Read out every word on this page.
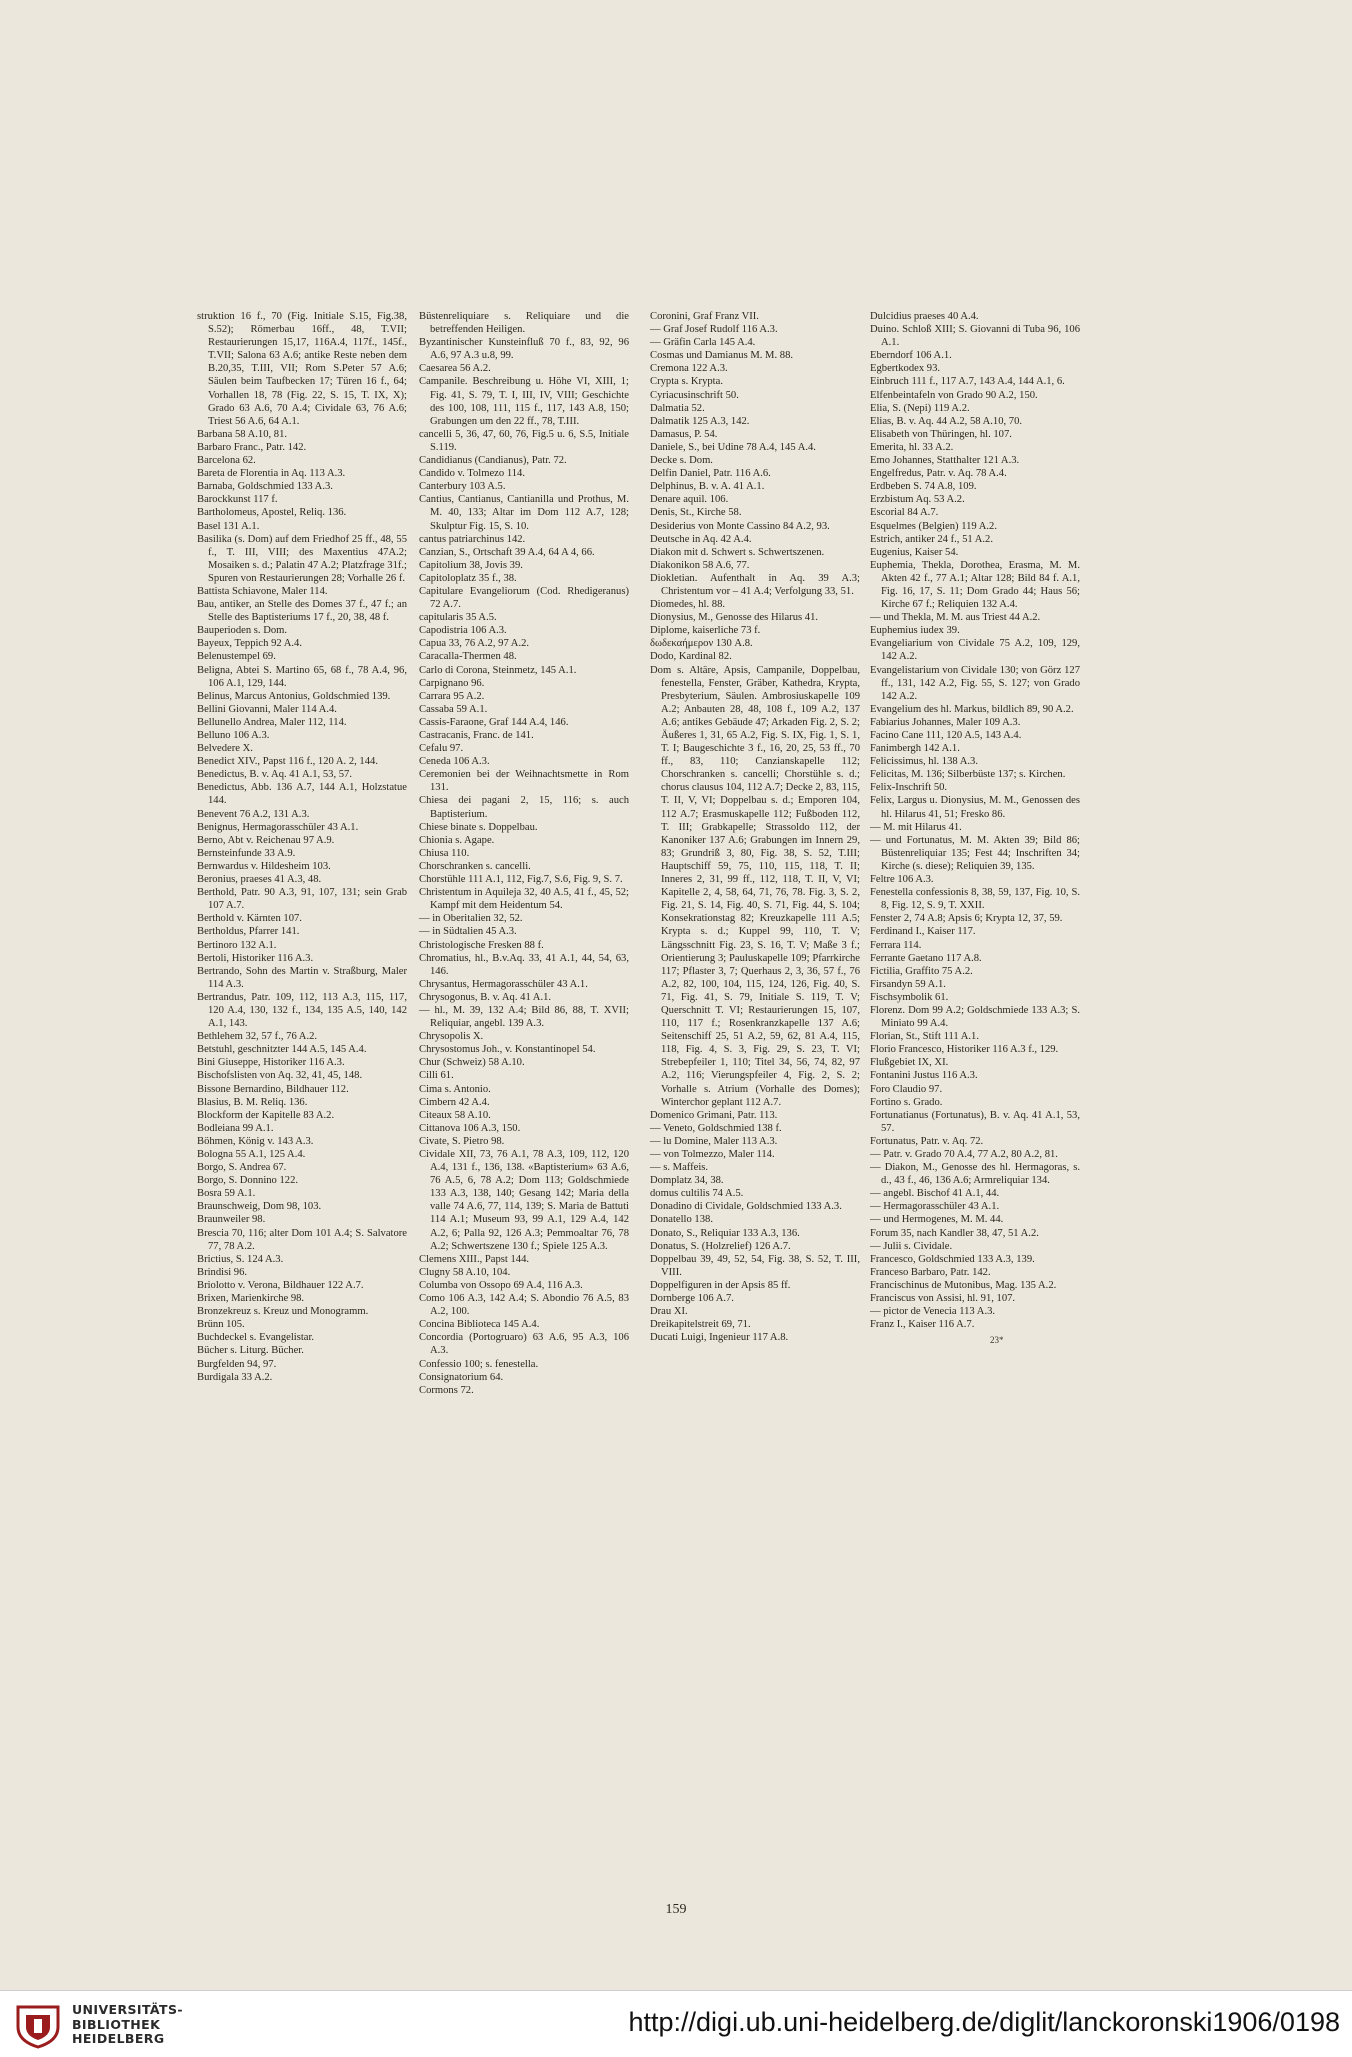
struktion 16 f., 70 (Fig. Initiale S.15, Fig.38, S.52); Römerbau 16ff., 48, T.VII; Restaurierungen 15,17, 116A.4, 117f., 145f., T.VII; Salona 63 A.6; antike Reste neben dem B.20,35, T.III, VII; Rom S.Peter 57 A.6; Säulen beim Taufbecken 17; Türen 16 f., 64; Vorhallen 18, 78 (Fig. 22, S. 15, T. IX, X); Grado 63 A.6, 70 A.4; Cividale 63, 76 A.6; Triest 56 A.6, 64 A.1.

Barbana 58 A.10, 81.

Barbaro Franc., Patr. 142.

Barcelona 62.

Bareta de Florentia in Aq. 113 A.3.

Barnaba, Goldschmied 133 A.3.

Barockkunst 117 f.

Bartholomeus, Apostel, Reliq. 136.

Basel 131 A.1.

Basilika (s. Dom) auf dem Friedhof 25 ff., 48, 55 f., T. III, VIII; des Maxentius 47A.2; Mosaiken s. d.; Palatin 47 A.2; Platzfrage 31f.; Spuren von Restaurierungen 28; Vorhalle 26 f.

Battista Schiavone, Maler 114.

Bau, antiker, an Stelle des Domes 37 f., 47 f.; an Stelle des Baptisteriums 17 f., 20, 38, 48 f.

Bauperioden s. Dom.

Bayeux, Teppich 92 A.4.

Belenustempel 69.

Beligna, Abtei S. Martino 65, 68 f., 78 A.4, 96, 106 A.1, 129, 144.

Belinus, Marcus Antonius, Goldschmied 139.

Bellini Giovanni, Maler 114 A.4.

Bellunello Andrea, Maler 112, 114.

Belluno 106 A.3.

Belvedere X.

Benedict XIV., Papst 116 f., 120 A. 2, 144.

Benedictus, B. v. Aq. 41 A.1, 53, 57.

Benedictus, Abb. 136 A.7, 144 A.1, Holzstatue 144.

Benevent 76 A.2, 131 A.3.

Benignus, Hermagorasschüler 43 A.1.

Berno, Abt v. Reichenau 97 A.9.

Bernsteinfunde 33 A.9.

Bernwardus v. Hildesheim 103.

Beronius, praeses 41 A.3, 48.

Berthold, Patr. 90 A.3, 91, 107, 131; sein Grab 107 A.7.

Berthold v. Kärnten 107.

Bertholdus, Pfarrer 141.

Bertinoro 132 A.1.

Bertoli, Historiker 116 A.3.

Bertrando, Sohn des Martin v. Straßburg, Maler 114 A.3.

Bertrandus, Patr. 109, 112, 113 A.3, 115, 117, 120 A.4, 130, 132 f., 134, 135 A.5, 140, 142 A.1, 143.

Bethlehem 32, 57 f., 76 A.2.

Betstuhl, geschnitzter 144 A.5, 145 A.4.

Bini Giuseppe, Historiker 116 A.3.

Bischofslisten von Aq. 32, 41, 45, 148.

Bissone Bernardino, Bildhauer 112.

Blasius, B. M. Reliq. 136.

Blockform der Kapitelle 83 A.2.

Bodleiana 99 A.1.

Böhmen, König v. 143 A.3.

Bologna 55 A.1, 125 A.4.

Borgo, S. Andrea 67.

Borgo, S. Donnino 122.

Bosra 59 A.1.

Braunschweig, Dom 98, 103.

Braunweiler 98.

Brescia 70, 116; alter Dom 101 A.4; S. Salvatore 77, 78 A.2.

Brictius, S. 124 A.3.

Brindisi 96.

Briolotto v. Verona, Bildhauer 122 A.7.

Brixen, Marienkirche 98.

Bronzekreuz s. Kreuz und Monogramm.

Brünn 105.

Buchdeckel s. Evangelistar.

Bücher s. Liturg. Bücher.

Burgfelden 94, 97.

Burdigala 33 A.2.

Büstenreliquiare s. Reliquiare und die betreffenden Heiligen.

Byzantinischer Kunsteinfluß 70 f., 83, 92, 96 A.6, 97 A.3 u.8, 99.

Caesarea 56 A.2.

Campanile. Beschreibung u. Höhe VI, XIII, 1; Fig. 41, S. 79, T. I, III, IV, VIII; Geschichte des 100, 108, 111, 115 f., 117, 143 A.8, 150; Grabungen um den 22 ff., 78, T.III.

cancelli 5, 36, 47, 60, 76, Fig.5 u. 6, S.5, Initiale S.119.

Candidianus (Candianus), Patr. 72.

Candido v. Tolmezo 114.

Canterbury 103 A.5.

Cantius, Cantianus, Cantianilla und Prothus, M. M. 40, 133; Altar im Dom 112 A.7, 128; Skulptur Fig. 15, S. 10.

cantus patriarchinus 142.

Canzian, S., Ortschaft 39 A.4, 64 A 4, 66.

Capitolium 38, Jovis 39.

Capitoloplatz 35 f., 38.

Capitulare Evangeliorum (Cod. Rhedigeranus) 72 A.7.

capitularis 35 A.5.

Capodistria 106 A.3.

Capua 33, 76 A.2, 97 A.2.

Caracalla-Thermen 48.

Carlo di Corona, Steinmetz, 145 A.1.

Carpignano 96.

Carrara 95 A.2.

Cassaba 59 A.1.

Cassis-Faraone, Graf 144 A.4, 146.

Castracanis, Franc. de 141.

Cefalu 97.

Ceneda 106 A.3.

Ceremonien bei der Weihnachtsmette in Rom 131.

Chiesa dei pagani 2, 15, 116; s. auch Baptisterium.

Chiese binate s. Doppelbau.

Chionia s. Agape.

Chiusa 110.

Chorschranken s. cancelli.

Chorstühle 111 A.1, 112, Fig.7, S.6, Fig. 9, S. 7.

Christentum in Aquileja 32, 40 A.5, 41 f., 45, 52; Kampf mit dem Heidentum 54.

— in Oberitalien 32, 52.

— in Südtalien 45 A.3.

Christologische Fresken 88 f.

Chromatius, hl., B.v.Aq. 33, 41 A.1, 44, 54, 63, 146.

Chrysantus, Hermagorasschüler 43 A.1.

Chrysogonus, B. v. Aq. 41 A.1.

— hl., M. 39, 132 A.4; Bild 86, 88, T. XVII; Reliquiar, angebl. 139 A.3.

Chrysopolis X.

Chrysostomus Joh., v. Konstantinopel 54.

Chur (Schweiz) 58 A.10.

Cilli 61.

Cima s. Antonio.

Cimbern 42 A.4.

Citeaux 58 A.10.

Cittanova 106 A.3, 150.

Civate, S. Pietro 98.

Cividale XII, 73, 76 A.1, 78 A.3, 109, 112, 120 A.4, 131 f., 136, 138. «Baptisterium» 63 A.6, 76 A.5, 6, 78 A.2; Dom 113; Goldschmiede 133 A.3, 138, 140; Gesang 142; Maria della valle 74 A.6, 77, 114, 139; S. Maria de Battuti 114 A.1; Museum 93, 99 A.1, 129 A.4, 142 A.2, 6; Palla 92, 126 A.3; Pemmoaltar 76, 78 A.2; Schwertszene 130 f.; Spiele 125 A.3.

Clemens XIII., Papst 144.

Clugny 58 A.10, 104.

Columba von Ossopo 69 A.4, 116 A.3.

Como 106 A.3, 142 A.4; S. Abondio 76 A.5, 83 A.2, 100.

Concina Biblioteca 145 A.4.

Concordia (Portogruaro) 63 A.6, 95 A.3, 106 A.3.

Confessio 100; s. fenestella.

Consignatorium 64.

Cormons 72.

Coronini, Graf Franz VII.

— Graf Josef Rudolf 116 A.3.

— Gräfin Carla 145 A.4.

Cosmas und Damianus M. M. 88.

Cremona 122 A.3.

Crypta s. Krypta.

Cyriacusinschrift 50.

Dalmatia 52.

Dalmatik 125 A.3, 142.

Damasus, P. 54.

Daniele, S., bei Udine 78 A.4, 145 A.4.

Decke s. Dom.

Delfin Daniel, Patr. 116 A.6.

Delphinus, B. v. A. 41 A.1.

Denare aquil. 106.

Denis, St., Kirche 58.

Desiderius von Monte Cassino 84 A.2, 93.

Deutsche in Aq. 42 A.4.

Diakon mit d. Schwert s. Schwertszenen.

Diakonikon 58 A.6, 77.

Diokletian. Aufenthalt in Aq. 39 A.3; Christentum vor – 41 A.4; Verfolgung 33, 51.

Diomedes, hl. 88.

Dionysius, M., Genosse des Hilarus 41.

Diplome, kaiserliche 73 f.

δωδεκαήμερον 130 A.8.

Dodo, Kardinal 82.

Dom s. Altäre, Apsis, Campanile, Doppelbau, fenestella, Fenster, Gräber, Kathedra, Krypta, Presbyterium, Säulen. Ambrosiuskapelle 109 A.2; Anbauten 28, 48, 108 f., 109 A.2, 137 A.6; antikes Gebäude 47; Arkaden Fig. 2, S. 2; Äußeres 1, 31, 65 A.2, Fig. S. IX, Fig. 1, S. 1, T. I; Baugeschichte 3 f., 16, 20, 25, 53 ff., 70 ff., 83, 110; Canzianskapelle 112; Chorschranken s. cancelli; Chorstühle s. d.; chorus clausus 104, 112 A.7; Decke 2, 83, 115, T. II, V, VI; Doppelbau s. d.; Emporen 104, 112 A.7; Erasmuskapelle 112; Fußboden 112, T. III; Grabkapelle; Strassoldo 112, der Kanoniker 137 A.6; Grabungen im Innern 29, 83; Grundriß 3, 80, Fig. 38, S. 52, T.III; Hauptschiff 59, 75, 110, 115, 118, T. II; Inneres 2, 31, 99 ff., 112, 118, T. II, V, VI; Kapitelle 2, 4, 58, 64, 71, 76, 78. Fig. 3, S. 2, Fig. 21, S. 14, Fig. 40, S. 71, Fig. 44, S. 104; Konsekrationstag 82; Kreuzkapelle 111 A.5; Krypta s. d.; Kuppel 99, 110, T. V; Längsschnitt Fig. 23, S. 16, T. V; Maße 3 f.; Orientierung 3; Pauluskapelle 109; Pfarrkirche 117; Pflaster 3, 7; Querhaus 2, 3, 36, 57 f., 76 A.2, 82, 100, 104, 115, 124, 126, Fig. 40, S. 71, Fig. 41, S. 79, Initiale S. 119, T. V; Querschnitt T. VI; Restaurierungen 15, 107, 110, 117 f.; Rosenkranzkapelle 137 A.6; Seitenschiff 25, 51 A.2, 59, 62, 81 A.4, 115, 118, Fig. 4, S. 3, Fig. 29, S. 23, T. VI; Strebepfeiler 1, 110; Titel 34, 56, 74, 82, 97 A.2, 116; Vierungspfeiler 4, Fig. 2, S. 2; Vorhalle s. Atrium (Vorhalle des Domes); Winterchor geplant 112 A.7.

Domenico Grimani, Patr. 113.

— Veneto, Goldschmied 138 f.

— lu Domine, Maler 113 A.3.

— von Tolmezzo, Maler 114.

— s. Maffeis.

Domplatz 34, 38.

domus cultilis 74 A.5.

Donadino di Cividale, Goldschmied 133 A.3.

Donatello 138.

Donato, S., Reliquiar 133 A.3, 136.

Donatus, S. (Holzrelief) 126 A.7.

Doppelbau 39, 49, 52, 54, Fig. 38, S. 52, T. III, VIII.

Doppelfiguren in der Apsis 85 ff.

Dornberge 106 A.7.

Drau XI.

Dreikapitelstreit 69, 71.

Ducati Luigi, Ingenieur 117 A.8.

Dulcidius praeses 40 A.4.

Duino. Schloß XIII; S. Giovanni di Tuba 96, 106 A.1.

Eberndorf 106 A.1.

Egbertkodex 93.

Einbruch 111 f., 117 A.7, 143 A.4, 144 A.1, 6.

Elfenbeintafeln von Grado 90 A.2, 150.

Elia, S. (Nepi) 119 A.2.

Elias, B. v. Aq. 44 A.2, 58 A.10, 70.

Elisabeth von Thüringen, hl. 107.

Emerita, hl. 33 A.2.

Emo Johannes, Statthalter 121 A.3.

Engelfredus, Patr. v. Aq. 78 A.4.

Erdbeben S. 74 A.8, 109.

Erzbistum Aq. 53 A.2.

Escorial 84 A.7.

Esquelmes (Belgien) 119 A.2.

Estrich, antiker 24 f., 51 A.2.

Eugenius, Kaiser 54.

Euphemia, Thekla, Dorothea, Erasma, M. M. Akten 42 f., 77 A.1; Altar 128; Bild 84 f. A.1, Fig. 16, 17, S. 11; Dom Grado 44; Haus 56; Kirche 67 f.; Reliquien 132 A.4.

— und Thekla, M. M. aus Triest 44 A.2.

Euphemius iudex 39.

Evangeliarium von Cividale 75 A.2, 109, 129, 142 A.2.

Evangelistarium von Cividale 130; von Görz 127 ff., 131, 142 A.2, Fig. 55, S. 127; von Grado 142 A.2.

Evangelium des hl. Markus, bildlich 89, 90 A.2.

Fabiarius Johannes, Maler 109 A.3.

Facino Cane 111, 120 A.5, 143 A.4.

Fanimbergh 142 A.1.

Felicissimus, hl. 138 A.3.

Felicitas, M. 136; Silberbüste 137; s. Kirchen.

Felix-Inschrift 50.

Felix, Largus u. Dionysius, M. M., Genossen des hl. Hilarus 41, 51; Fresko 86.

— M. mit Hilarus 41.

— und Fortunatus, M. M. Akten 39; Bild 86; Büstenreliquiar 135; Fest 44; Inschriften 34; Kirche (s. diese); Reliquien 39, 135.

Feltre 106 A.3.

Fenestella confessionis 8, 38, 59, 137, Fig. 10, S. 8, Fig. 12, S. 9, T. XXII.

Fenster 2, 74 A.8; Apsis 6; Krypta 12, 37, 59.

Ferdinand I., Kaiser 117.

Ferrara 114.

Ferrante Gaetano 117 A.8.

Fictilia, Graffito 75 A.2.

Firsandyn 59 A.1.

Fischsymbolik 61.

Florenz. Dom 99 A.2; Goldschmiede 133 A.3; S. Miniato 99 A.4.

Florian, St., Stift 111 A.1.

Florio Francesco, Historiker 116 A.3 f., 129.

Flußgebiet IX, XI.

Fontanini Justus 116 A.3.

Foro Claudio 97.

Fortino s. Grado.

Fortunatianus (Fortunatus), B. v. Aq. 41 A.1, 53, 57.

Fortunatus, Patr. v. Aq. 72.

— Patr. v. Grado 70 A.4, 77 A.2, 80 A.2, 81.

— Diakon, M., Genosse des hl. Hermagoras, s. d., 43 f., 46, 136 A.6; Armreliquiar 134.

— angebl. Bischof 41 A.1, 44.

— Hermagorasschüler 43 A.1.

— und Hermogenes, M. M. 44.

Forum 35, nach Kandler 38, 47, 51 A.2.

— Julii s. Cividale.

Francesco, Goldschmied 133 A.3, 139.

Franceso Barbaro, Patr. 142.

Francischinus de Mutonibus, Mag. 135 A.2.

Franciscus von Assisi, hl. 91, 107.

— pictor de Venecia 113 A.3.

Franz I., Kaiser 116 A.7.

23*
159
UNIVERSITÄTS-
BIBLIOTHEK
HEIDELBERG
http://digi.ub.uni-heidelberg.de/diglit/lanckoronski1906/0198
